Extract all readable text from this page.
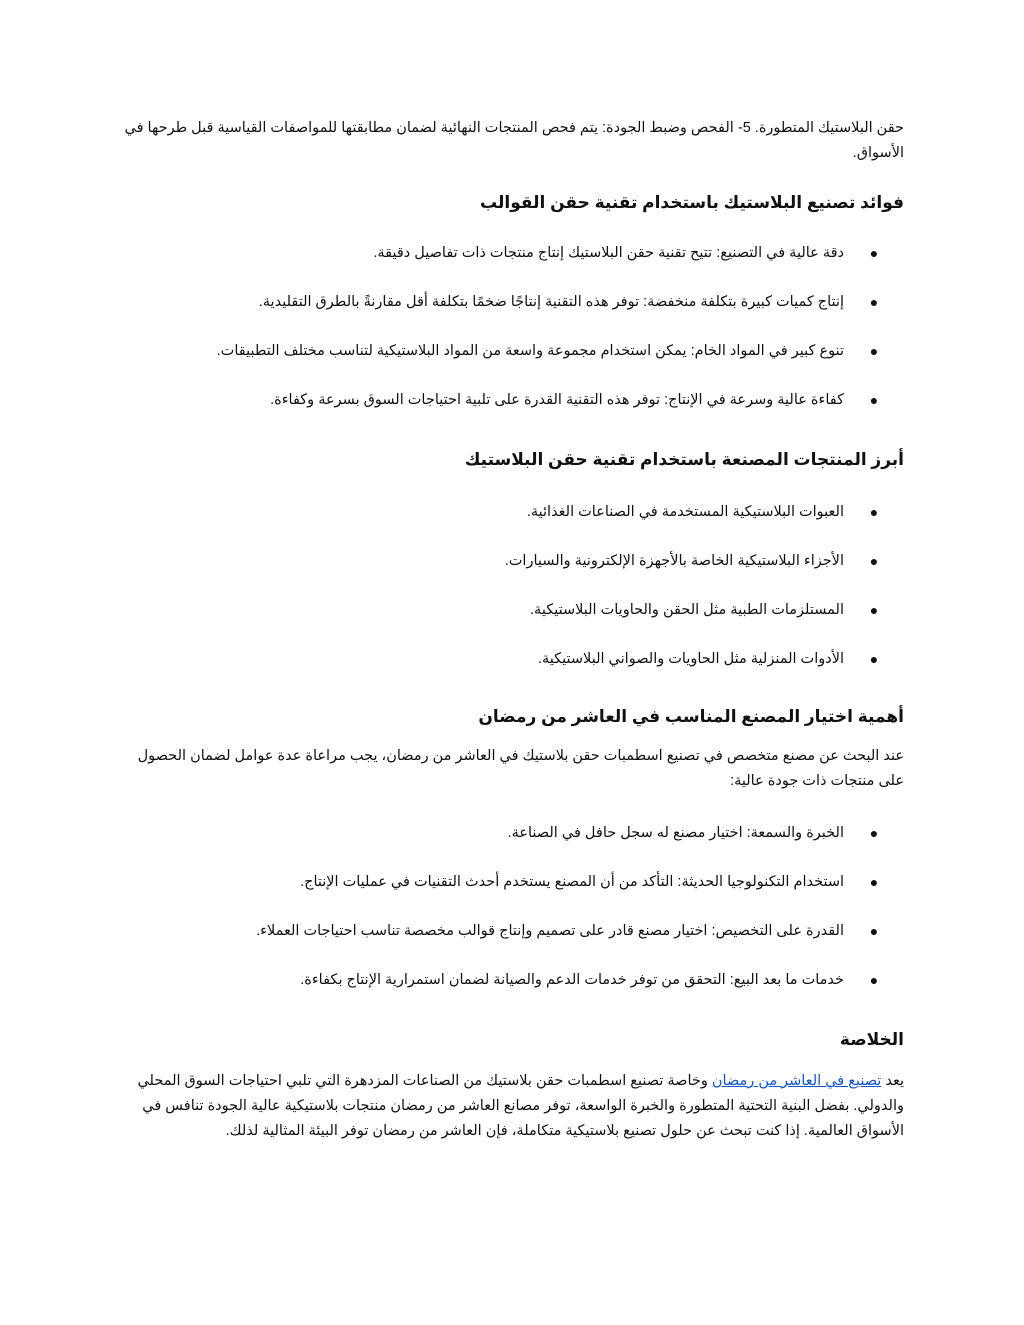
حقن البلاستيك المتطورة. 5- الفحص وضبط الجودة: يتم فحص المنتجات النهائية لضمان مطابقتها للمواصفات القياسية قبل طرحها في الأسواق.

فوائد تصنيع البلاستيك باستخدام تقنية حقن القوالب
●
دقة عالية في التصنيع: تتيح تقنية حقن البلاستيك إنتاج منتجات ذات تفاصيل دقيقة.
●
إنتاج كميات كبيرة بتكلفة منخفضة: توفر هذه التقنية إنتاجًا ضخمًا بتكلفة أقل مقارنةً بالطرق التقليدية.
●
تنوع كبير في المواد الخام: يمكن استخدام مجموعة واسعة من المواد البلاستيكية لتناسب مختلف التطبيقات.
●
كفاءة عالية وسرعة في الإنتاج: توفر هذه التقنية القدرة على تلبية احتياجات السوق بسرعة وكفاءة.
أبرز المنتجات المصنعة باستخدام تقنية حقن البلاستيك
●
العبوات البلاستيكية المستخدمة في الصناعات الغذائية.
●
الأجزاء البلاستيكية الخاصة بالأجهزة الإلكترونية والسيارات.
●
المستلزمات الطبية مثل الحقن والحاويات البلاستيكية.
●
الأدوات المنزلية مثل الحاويات والصواني البلاستيكية.
أهمية اختيار المصنع المناسب في العاشر من رمضان

عند البحث عن مصنع متخصص في تصنيع اسطمبات حقن بلاستيك في العاشر من رمضان، يجب مراعاة عدة عوامل لضمان الحصول على منتجات ذات جودة عالية:

●
الخبرة والسمعة: اختيار مصنع له سجل حافل في الصناعة.
●
استخدام التكنولوجيا الحديثة: التأكد من أن المصنع يستخدم أحدث التقنيات في عمليات الإنتاج.
●
القدرة على التخصيص: اختيار مصنع قادر على تصميم وإنتاج قوالب مخصصة تناسب احتياجات العملاء.
●
خدمات ما بعد البيع: التحقق من توفر خدمات الدعم والصيانة لضمان استمرارية الإنتاج بكفاءة.
الخلاصة

يعد تصنيع في العاشر من رمضان وخاصة تصنيع اسطمبات حقن بلاستيك من الصناعات المزدهرة التي تلبي احتياجات السوق المحلي والدولي. بفضل البنية التحتية المتطورة والخبرة الواسعة، توفر مصانع العاشر من رمضان منتجات بلاستيكية عالية الجودة تنافس في الأسواق العالمية. إذا كنت تبحث عن حلول تصنيع بلاستيكية متكاملة، فإن العاشر من رمضان توفر البيئة المثالية لذلك.
